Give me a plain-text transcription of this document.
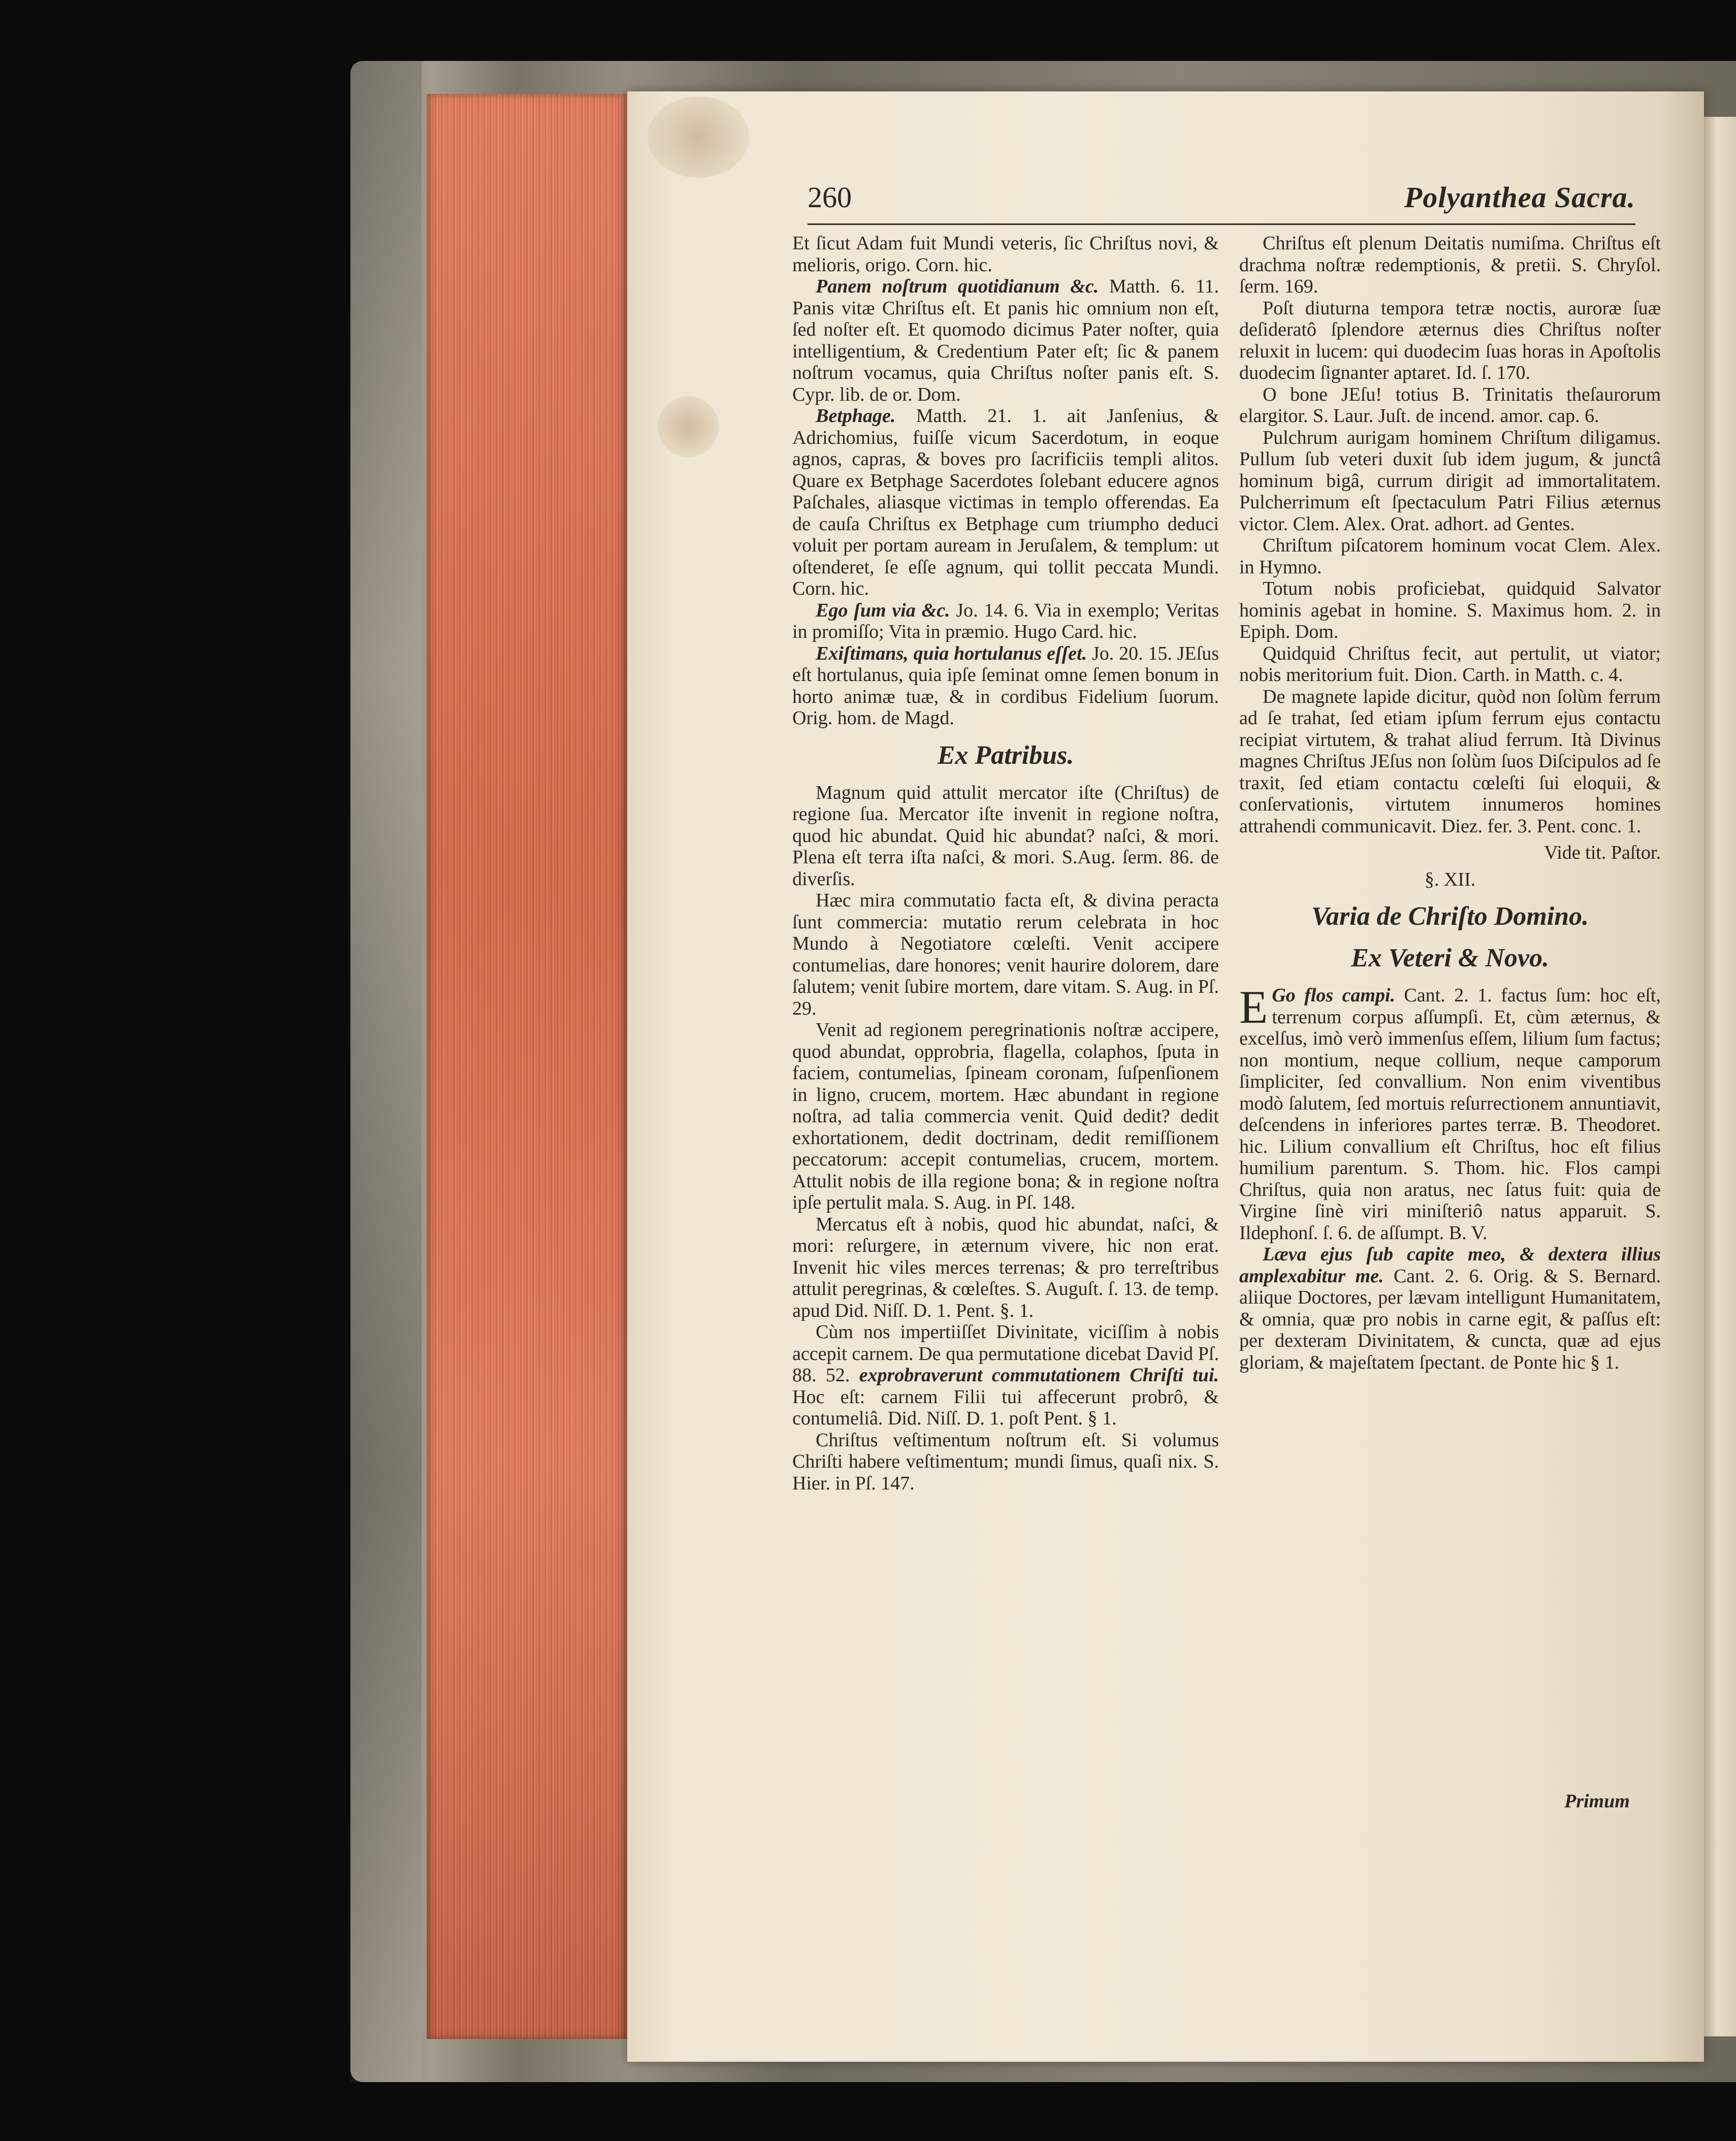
260	Polyanthea Sacra.

Et ſicut Adam fuit Mundi veteris, ſic Chriſtus novi, & melioris, origo. Corn. hic.

Panem noſtrum quotidianum &c. Matth. 6. 11. Panis vitæ Chriſtus eſt. Et panis hic omnium non eſt, ſed noſter eſt. Et quomodo dicimus Pater noſter, quia intelligentium, & Credentium Pater eſt; ſic & panem noſtrum vocamus, quia Chriſtus noſter panis eſt. S. Cypr. lib. de or. Dom.

Betphage. Matth. 21. 1. ait Janſenius, & Adrichomius, fuiſſe vicum Sacerdotum, in eoque agnos, capras, & boves pro ſacrificiis templi alitos. Quare ex Betphage Sacerdotes ſolebant educere agnos Paſchales, aliasque victimas in templo offerendas. Ea de cauſa Chriſtus ex Betphage cum triumpho deduci voluit per portam auream in Jeruſalem, & templum: ut oſtenderet, ſe eſſe agnum, qui tollit peccata Mundi. Corn. hic.

Ego ſum via &c. Jo. 14. 6. Via in exemplo; Veritas in promiſſo; Vita in præmio. Hugo Card. hic.

Exiſtimans, quia hortulanus eſſet. Jo. 20. 15. JEſus eſt hortulanus, quia ipſe ſeminat omne ſemen bonum in horto animæ tuæ, & in cordibus Fidelium ſuorum. Orig. hom. de Magd.

Ex Patribus.

Magnum quid attulit mercator iſte (Chriſtus) de regione ſua. Mercator iſte invenit in regione noſtra, quod hic abundat. Quid hic abundat? naſci, & mori. Plena eſt terra iſta naſci, & mori. S.Aug. ſerm. 86. de diverſis.

Hæc mira commutatio facta eſt, & divina peracta ſunt commercia: mutatio rerum celebrata in hoc Mundo à Negotiatore cœleſti. Venit accipere contumelias, dare honores; venit haurire dolorem, dare ſalutem; venit ſubire mortem, dare vitam. S. Aug. in Pſ. 29.

Venit ad regionem peregrinationis noſtræ accipere, quod abundat, opprobria, flagella, colaphos, ſputa in faciem, contumelias, ſpineam coronam, ſuſpenſionem in ligno, crucem, mortem. Hæc abundant in regione noſtra, ad talia commercia venit. Quid dedit? dedit exhortationem, dedit doctrinam, dedit remiſſionem peccatorum: accepit contumelias, crucem, mortem. Attulit nobis de illa regione bona; & in regione noſtra ipſe pertulit mala. S. Aug. in Pſ. 148.

Mercatus eſt à nobis, quod hic abundat, naſci, & mori: reſurgere, in æternum vivere, hic non erat. Invenit hic viles merces terrenas; & pro terreſtribus attulit peregrinas, & cœleſtes. S. Auguſt. ſ. 13. de temp. apud Did. Niſſ. D. 1. Pent. §. 1.

Cùm nos impertiiſſet Divinitate, viciſſim à nobis accepit carnem. De qua permutatione dicebat David Pſ. 88. 52. exprobraverunt commutationem Chriſti tui. Hoc eſt: carnem Filii tui affecerunt probrô, & contumeliâ. Did. Niſſ. D. 1. poſt Pent. § 1.

Chriſtus veſtimentum noſtrum eſt. Si volumus Chriſti habere veſtimentum; mundi ſimus, quaſi nix. S. Hier. in Pſ. 147.

Chriſtus eſt plenum Deitatis numiſma. Chriſtus eſt drachma noſtræ redemptionis, & pretii. S. Chryſol. ſerm. 169.

Poſt diuturna tempora tetræ noctis, auroræ ſuæ deſideratô ſplendore æternus dies Chriſtus noſter reluxit in lucem: qui duodecim ſuas horas in Apoſtolis duodecim ſignanter aptaret. Id. ſ. 170.

O bone JEſu! totius B. Trinitatis theſaurorum elargitor. S. Laur. Juſt. de incend. amor. cap. 6.

Pulchrum aurigam hominem Chriſtum diligamus. Pullum ſub veteri duxit ſub idem jugum, & junctâ hominum bigâ, currum dirigit ad immortalitatem. Pulcherrimum eſt ſpectaculum Patri Filius æternus victor. Clem. Alex. Orat. adhort. ad Gentes.

Chriſtum piſcatorem hominum vocat Clem. Alex. in Hymno.

Totum nobis proficiebat, quidquid Salvator hominis agebat in homine. S. Maximus hom. 2. in Epiph. Dom.

Quidquid Chriſtus fecit, aut pertulit, ut viator; nobis meritorium fuit. Dion. Carth. in Matth. c. 4.

De magnete lapide dicitur, quòd non ſolùm ferrum ad ſe trahat, ſed etiam ipſum ferrum ejus contactu recipiat virtutem, & trahat aliud ferrum. Ità Divinus magnes Chriſtus JEſus non ſolùm ſuos Diſcipulos ad ſe traxit, ſed etiam contactu cœleſti ſui eloquii, & conſervationis, virtutem innumeros homines attrahendi communicavit. Diez. fer. 3. Pent. conc. 1.

Vide tit. Paſtor.

§. XII.

Varia de Chriſto Domino.
Ex Veteri & Novo.

E Go flos campi. Cant. 2. 1. factus ſum: hoc eſt, terrenum corpus aſſumpſi. Et, cùm æternus, & excelſus, imò verò immenſus eſſem, lilium ſum factus; non montium, neque collium, neque camporum ſimpliciter, ſed convallium. Non enim viventibus modò ſalutem, ſed mortuis reſurrectionem annuntiavit, deſcendens in inferiores partes terræ. B. Theodoret. hic. Lilium convallium eſt Chriſtus, hoc eſt filius humilium parentum. S. Thom. hic. Flos campi Chriſtus, quia non aratus, nec ſatus fuit: quia de Virgine ſinè viri miniſteriô natus apparuit. S. Ildephonſ. ſ. 6. de aſſumpt. B. V.

Læva ejus ſub capite meo, & dextera illius amplexabitur me. Cant. 2. 6. Orig. & S. Bernard. aliique Doctores, per lævam intelligunt Humanitatem, & omnia, quæ pro nobis in carne egit, & paſſus eſt: per dexteram Divinitatem, & cuncta, quæ ad ejus gloriam, & majeſtatem ſpectant. de Ponte hic § 1.

Primum
